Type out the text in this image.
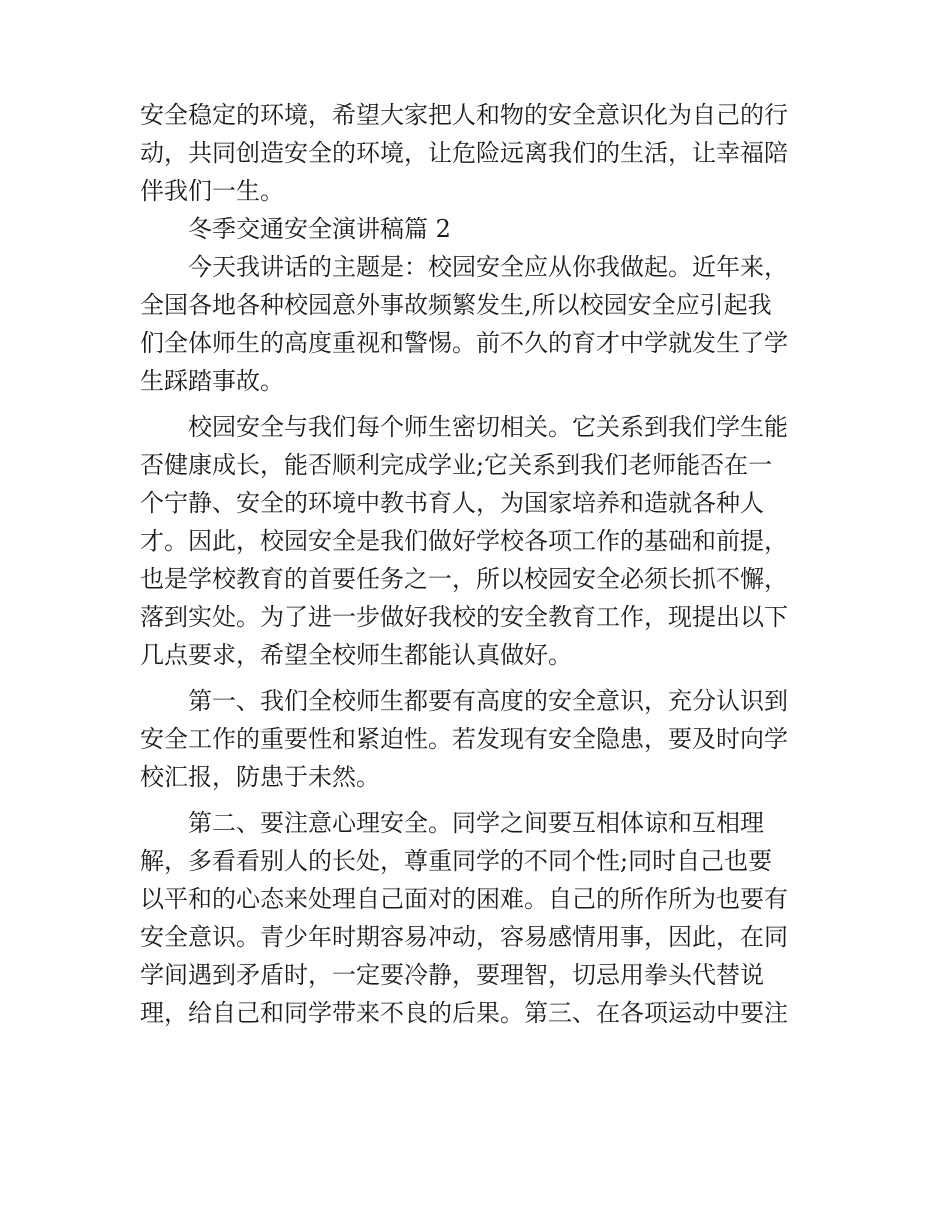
安全稳定的环境，希望大家把人和物的安全意识化为自己的行
动，共同创造安全的环境，让危险远离我们的生活，让幸福陪
伴我们一生。
冬季交通安全演讲稿篇 2
今天我讲话的主题是：校园安全应从你我做起。近年来，
全国各地各种校园意外事故频繁发生,所以校园安全应引起我
们全体师生的高度重视和警惕。前不久的育才中学就发生了学
生踩踏事故。
校园安全与我们每个师生密切相关。它关系到我们学生能
否健康成长，能否顺利完成学业;它关系到我们老师能否在一
个宁静、安全的环境中教书育人，为国家培养和造就各种人
才。因此，校园安全是我们做好学校各项工作的基础和前提，
也是学校教育的首要任务之一，所以校园安全必须长抓不懈，
落到实处。为了进一步做好我校的安全教育工作，现提出以下
几点要求，希望全校师生都能认真做好。
第一、我们全校师生都要有高度的安全意识，充分认识到
安全工作的重要性和紧迫性。若发现有安全隐患，要及时向学
校汇报，防患于未然。
第二、要注意心理安全。同学之间要互相体谅和互相理
解，多看看别人的长处，尊重同学的不同个性;同时自己也要
以平和的心态来处理自己面对的困难。自己的所作所为也要有
安全意识。青少年时期容易冲动，容易感情用事，因此，在同
学间遇到矛盾时，一定要冷静，要理智，切忌用拳头代替说
理，给自己和同学带来不良的后果。第三、在各项运动中要注
